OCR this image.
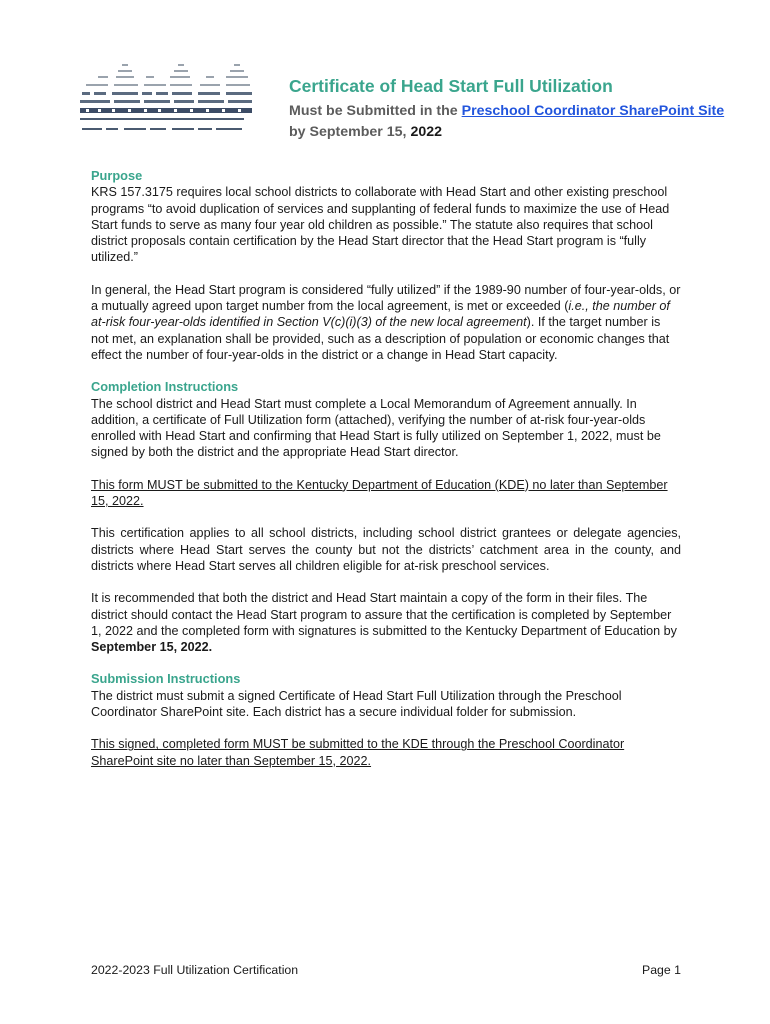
Certificate of Head Start Full Utilization
Must be Submitted in the Preschool Coordinator SharePoint Site by September 15, 2022

Purpose

KRS 157.3175 requires local school districts to collaborate with Head Start and other existing preschool programs “to avoid duplication of services and supplanting of federal funds to maximize the use of Head Start funds to serve as many four year old children as possible.” The statute also requires that school district proposals contain certification by the Head Start director that the Head Start program is “fully utilized.”

In general, the Head Start program is considered “fully utilized” if the 1989-90 number of four-year-olds, or a mutually agreed upon target number from the local agreement, is met or exceeded (i.e., the number of at-risk four-year-olds identified in Section V(c)(i)(3) of the new local agreement). If the target number is not met, an explanation shall be provided, such as a description of population or economic changes that effect the number of four-year-olds in the district or a change in Head Start capacity.

Completion Instructions

The school district and Head Start must complete a Local Memorandum of Agreement annually. In addition, a certificate of Full Utilization form (attached), verifying the number of at-risk four-year-olds enrolled with Head Start and confirming that Head Start is fully utilized on September 1, 2022, must be signed by both the district and the appropriate Head Start director.

This form MUST be submitted to the Kentucky Department of Education (KDE) no later than September 15, 2022.

This certification applies to all school districts, including school district grantees or delegate agencies, districts where Head Start serves the county but not the districts’ catchment area in the county, and districts where Head Start serves all children eligible for at-risk preschool services.

It is recommended that both the district and Head Start maintain a copy of the form in their files. The district should contact the Head Start program to assure that the certification is completed by September 1, 2022 and the completed form with signatures is submitted to the Kentucky Department of Education by September 15, 2022.

Submission Instructions

The district must submit a signed Certificate of Head Start Full Utilization through the Preschool Coordinator SharePoint site. Each district has a secure individual folder for submission.

This signed, completed form MUST be submitted to the KDE through the Preschool Coordinator SharePoint site no later than September 15, 2022.

2022-2023 Full Utilization Certification	Page 1
